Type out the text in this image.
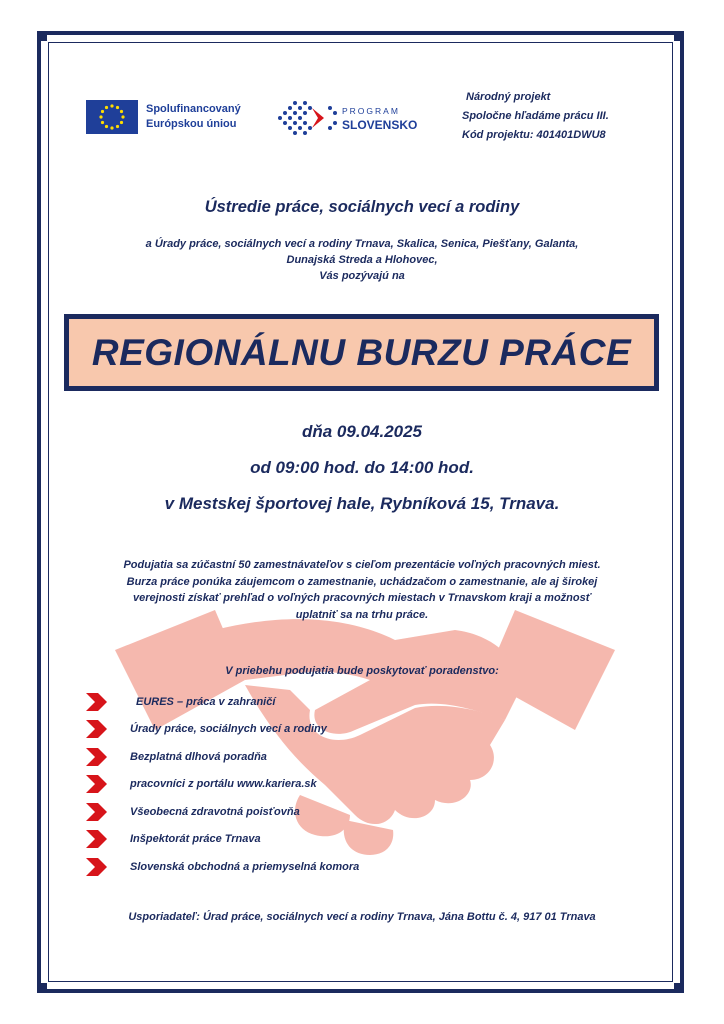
Spolufinancovaný
Európskou úniou
PROGRAM
SLOVENSKO
Národný projekt
Spoločne hľadáme prácu III.
Kód projektu: 401401DWU8
Ústredie práce, sociálnych vecí a rodiny
a Úrady práce, sociálnych vecí a rodiny Trnava, Skalica, Senica, Piešťany, Galanta,
Dunajská Streda a Hlohovec,
Vás pozývajú na
REGIONÁLNU BURZU PRÁCE
dňa 09.04.2025
od 09:00 hod. do 14:00 hod.
v Mestskej športovej hale, Rybníková 15, Trnava.
Podujatia sa zúčastní 50 zamestnávateľov s cieľom prezentácie voľných pracovných miest.
Burza práce ponúka záujemcom o zamestnanie, uchádzačom o zamestnanie, ale aj širokej
verejnosti získať prehľad o voľných pracovných miestach v Trnavskom kraji a možnosť
uplatniť sa na trhu práce.
V priebehu podujatia bude poskytovať poradenstvo:
EURES – práca v zahraničí
Úrady práce, sociálnych vecí a rodiny
Bezplatná dlhová poradňa
pracovníci z portálu www.kariera.sk
Všeobecná zdravotná poisťovňa
Inšpektorát práce Trnava
Slovenská obchodná a priemyselná komora
Usporiadateľ: Úrad práce, sociálnych vecí a rodiny Trnava, Jána Bottu č. 4, 917 01 Trnava
